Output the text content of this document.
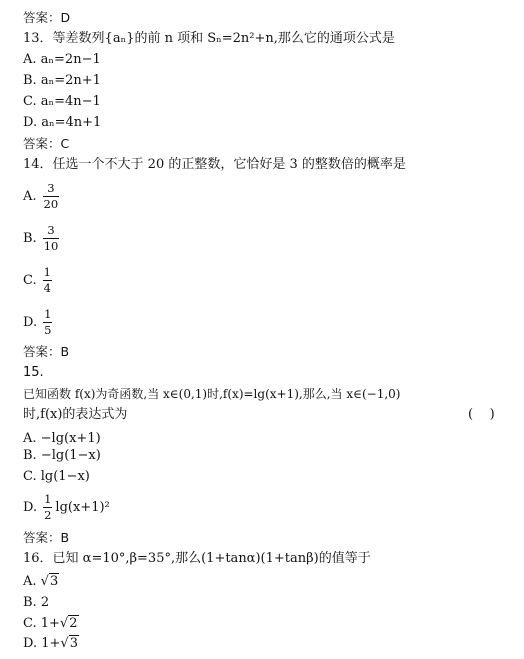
答案：D
13．等差数列{aₙ}的前 n 项和 Sₙ=2n²+n,那么它的通项公式是
A. aₙ=2n−1
B. aₙ=2n+1
C. aₙ=4n−1
D. aₙ=4n+1
答案：C
14．任选一个不大于 20 的正整数，它恰好是 3 的整数倍的概率是
A. $\frac{3}{20}$
B. $\frac{3}{10}$
C. $\frac{1}{4}$
D. $\frac{1}{5}$
答案：B
15.
已知函数 f(x)为奇函数,当 x∈(0,1)时,f(x)=lg(x+1),那么,当 x∈(−1,0)
时,f(x)的表达式为	(    )
A. −lg(x+1)
B. −lg(1−x)
C. lg(1−x)
D. $\frac{1}{2} \lg(x+1)^2$
答案：B
16．已知 α=10°,β=35°,那么(1+tanα)(1+tanβ)的值等于
A. √3
B. 2
C. 1+√2
D. 1+√3
